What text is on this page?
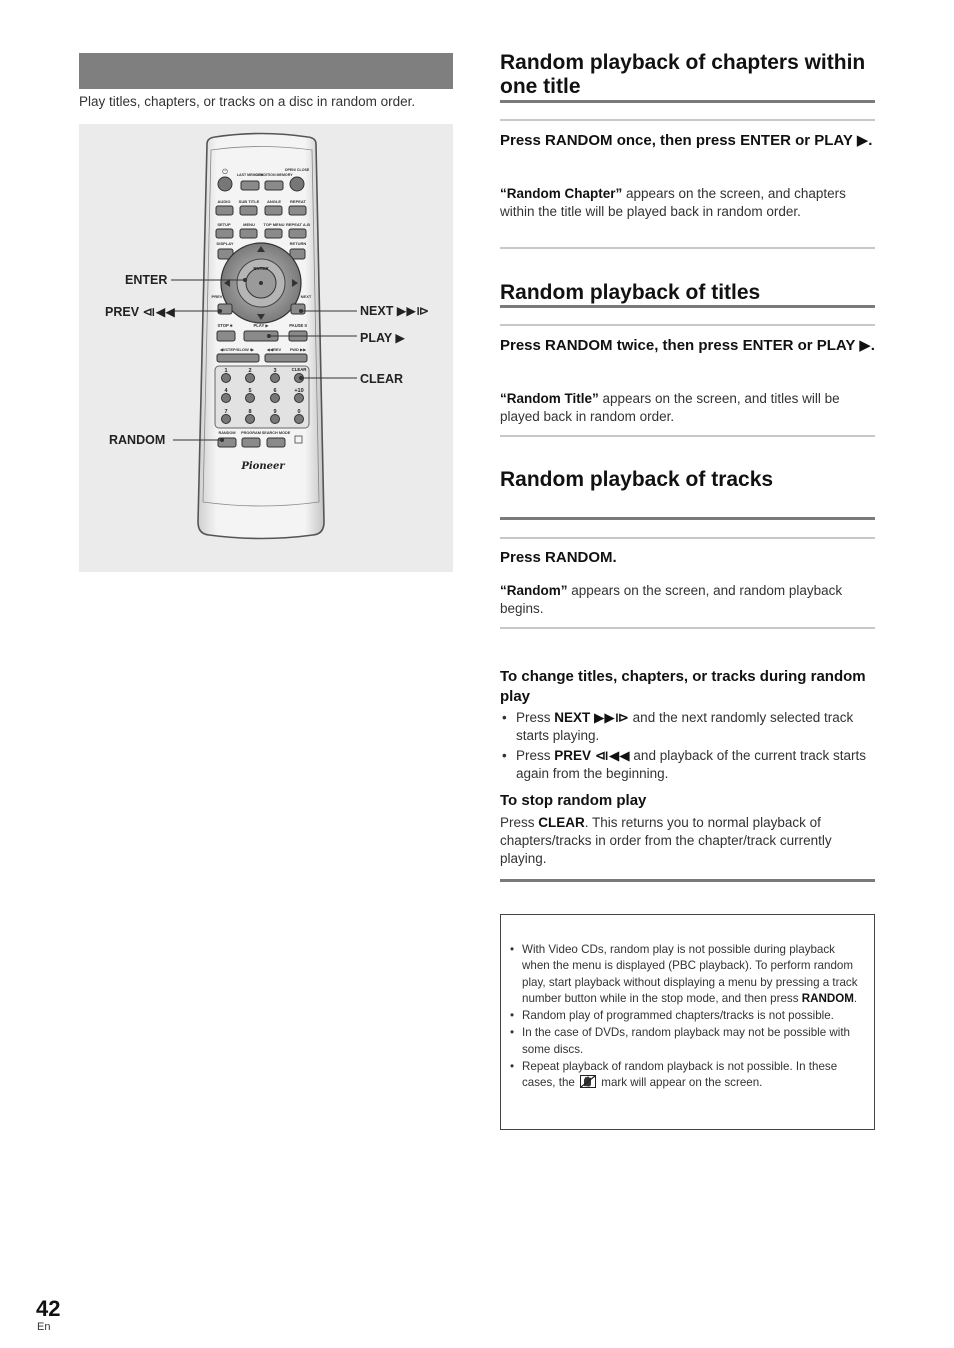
Play titles, chapters, or tracks on a disc in random order.

⏻	LAST MEMORY
CONDITION MEMORY
OPEN/ CLOSE
AUDIO SUB TITLE ANGLE REPEAT
SETUP	MENU TOP MENU REPEAT A-B
DISPLAY	RETURN
ENTER
PREV	NEXT
STOP ■	PLAY ▶	PAUSE II
◀I/STEP/SLOW I▶	◀◀REV FWD ▶▶
1	2	3	CLEAR
4	5	6	+10
7	8	9	0
RANDOM PROGRAM SEARCH MODE
Pioneer
ENTER
PREV ⧏◀◀	NEXT ▶▶⧐
PLAY ▶
CLEAR
RANDOM
Random playback of chapters within one title

Press RANDOM once, then press ENTER or PLAY ▶.

“Random Chapter” appears on the screen, and chapters within the title will be played back in random order.

Random playback of titles

Press RANDOM twice, then press ENTER or PLAY ▶.

“Random Title” appears on the screen, and titles will be played back in random order.

Random playback of tracks

Press RANDOM.

“Random” appears on the screen, and random playback begins.

To change titles, chapters, or tracks during random play
• Press NEXT ▶▶⧐ and the next randomly selected track starts playing.
• Press PREV ⧏◀◀ and playback of the current track starts again from the beginning.
To stop random play

Press CLEAR. This returns you to normal playback of chapters/tracks in order from the chapter/track currently playing.

• With Video CDs, random play is not possible during playback when the menu is displayed (PBC playback). To perform random play, start playback without displaying a menu by pressing a track number button while in the stop mode, and then press RANDOM.
• Random play of programmed chapters/tracks is not possible.
• In the case of DVDs, random playback may not be possible with some discs.
• Repeat playback of random playback is not possible. In these cases, the  mark will appear on the screen.
42
En
